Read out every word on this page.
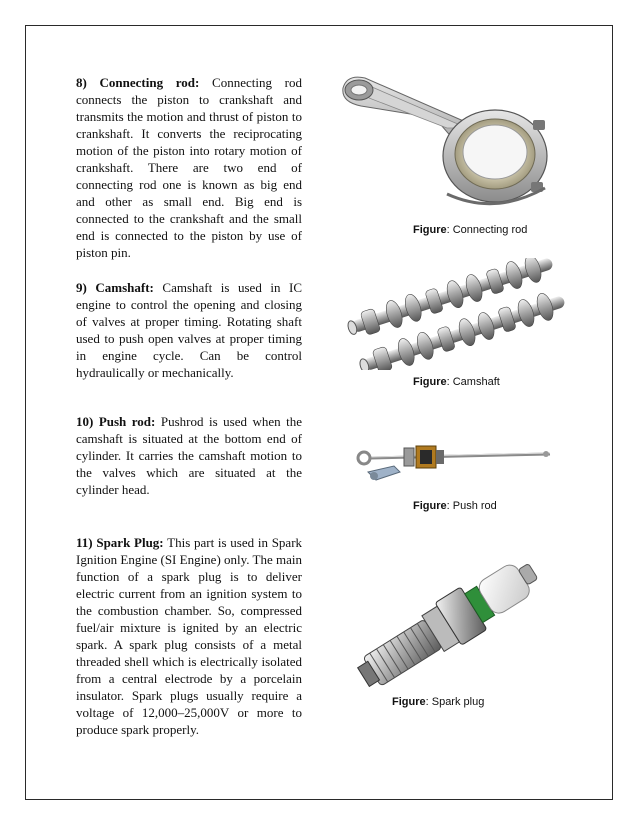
8) Connecting rod: Connecting rod connects the piston to crankshaft and transmits the motion and thrust of piston to crankshaft. It converts the reciprocating motion of the piston into rotary motion of crankshaft. There are two end of connecting rod one is known as big end and other as small end. Big end is connected to the crankshaft and the small end is connected to the piston by use of piston pin.

9) Camshaft: Camshaft is used in IC engine to control the opening and closing of valves at proper timing. Rotating shaft used to push open valves at proper timing in engine cycle. Can be control hydraulically or mechanically.

10) Push rod: Pushrod is used when the camshaft is situated at the bottom end of cylinder. It carries the camshaft motion to the valves which are situated at the cylinder head.

11) Spark Plug: This part is used in Spark Ignition Engine (SI Engine) only. The main function of a spark plug is to deliver electric current from an ignition system to the combustion chamber. So, compressed fuel/air mixture is ignited by an electric spark. A spark plug consists of a metal threaded shell which is electrically isolated from a central electrode by a porcelain insulator. Spark plugs usually require a voltage of 12,000–25,000V or more to produce spark properly.

Figure: Connecting rod
Figure: Camshaft
Figure: Push rod
Figure: Spark plug
